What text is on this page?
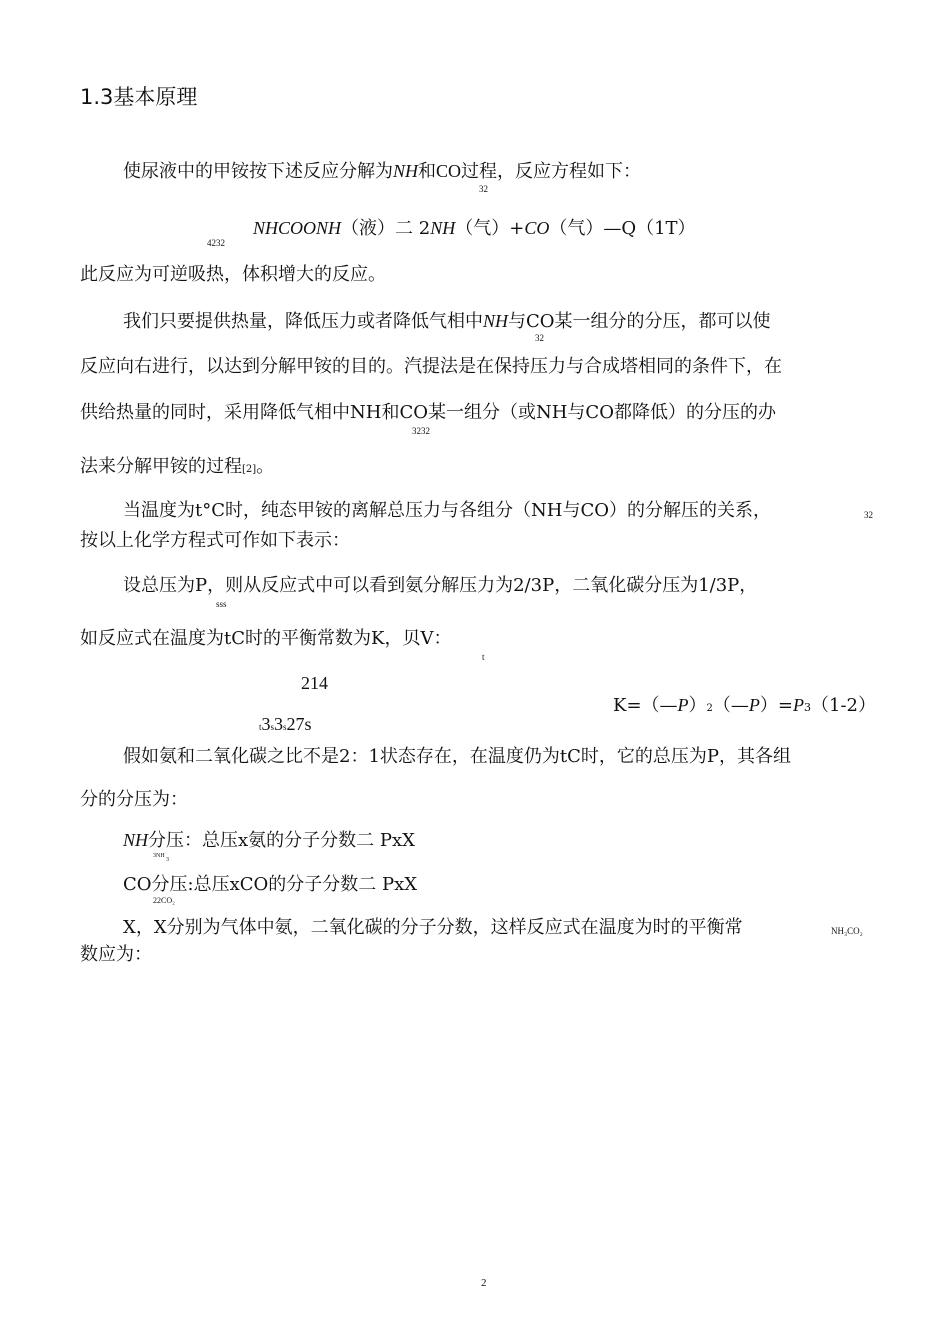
1.3基本原理
使尿液中的甲铵按下述反应分解为NH和CO过程，反应方程如下：
32
4232
NHCOONH（液）二 2NH（气）+CO（气）—Q（1T）
此反应为可逆吸热，体积增大的反应。
我们只要提供热量，降低压力或者降低气相中NH与CO某一组分的分压，都可以使
32
反应向右进行，以达到分解甲铵的目的。汽提法是在保持压力与合成塔相同的条件下，在
供给热量的同时，采用降低气相中NH和CO某一组分（或NH与CO都降低）的分压的办
3232
法来分解甲铵的过程[2]。
当温度为t°C时，纯态甲铵的离解总压力与各组分（NH与CO）的分解压的关系，	32
按以上化学方程式可作如下表示：
设总压为P，则从反应式中可以看到氨分解压力为2/3P，二氧化碳分压为1/3P，
sss
如反应式在温度为tC时的平衡常数为K，贝V：
t
214
t3s3s27s
K=（—P）2（—P）=P3（1-2）
假如氨和二氧化碳之比不是2：1状态存在，在温度仍为tC时，它的总压为P，其各组
分的分压为：
NH分压：总压x氨的分子分数二 PxX
3NH
3
CO分压:总压xCO的分子分数二 PxX
22CO₂
X，X分别为气体中氨，二氧化碳的分子分数，这样反应式在温度为时的平衡常	NH₃CO₂
数应为：
2
